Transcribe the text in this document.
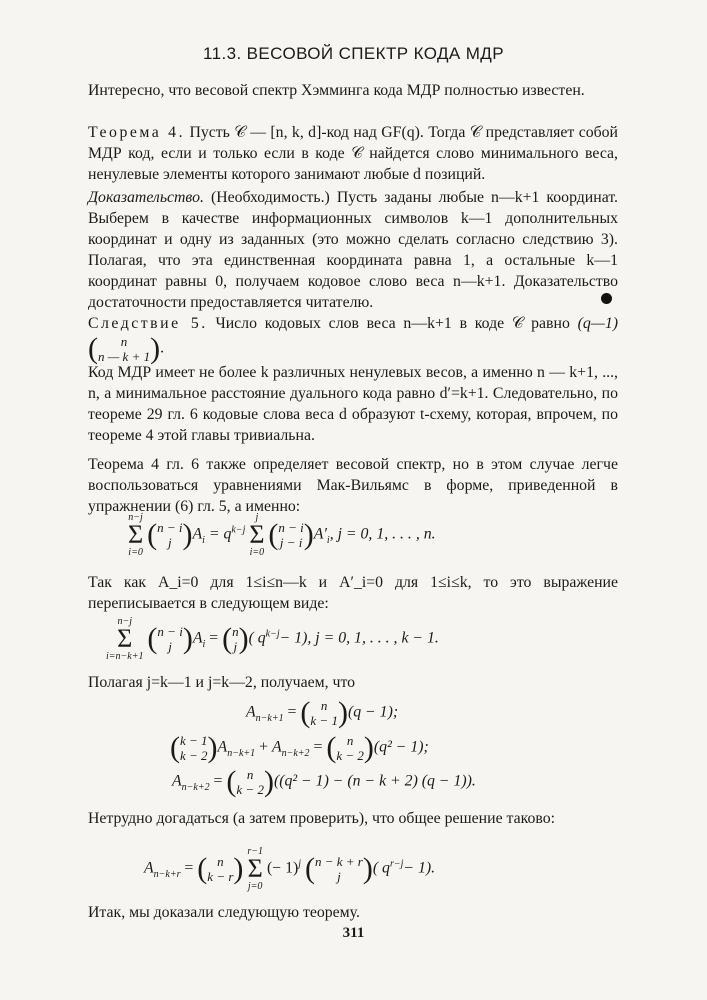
11.3. ВЕСОВОЙ СПЕКТР КОДА МДР

Интересно, что весовой спектр Хэмминга кода МДР полностью известен.

Теорема 4. Пусть 𝒞 — [n, k, d]-код над GF(q). Тогда 𝒞 представляет собой МДР код, если и только если в коде 𝒞 найдется слово минимального веса, ненулевые элементы которого занимают любые d позиций.

Доказательство. (Необходимость.) Пусть заданы любые n—k+1 координат. Выберем в качестве информационных символов k—1 дополнительных координат и одну из заданных (это можно сделать согласно следствию 3). Полагая, что эта единственная координата равна 1, а остальные k—1 координат равны 0, получаем кодовое слово веса n—k+1. Доказательство достаточности предоставляется читателю.

Следствие 5. Число кодовых слов веса n—k+1 в коде 𝒞 равно (q—1) ( n
n — k + 1).

Код МДР имеет не более k различных ненулевых весов, а именно n — k+1, ..., n, а минимальное расстояние дуального кода равно d′=k+1. Следовательно, по теореме 29 гл. 6 кодовые слова веса d образуют t-схему, которая, впрочем, по теореме 4 этой главы тривиальна.

Теорема 4 гл. 6 также определяет весовой спектр, но в этом случае легче воспользоваться уравнениями Мак-Вильямс в форме, приведенной в упражнении (6) гл. 5, а именно:

n−j
Σ
i=0 (n − i
j )$A_i = q^{k-j}$ j
Σ
i=0 (n − i
$j - i)A'_i$, j = 0, 1, . . . , n.

Так как A_i=0 для 1≤i≤n—k и A′_i=0 для 1≤i≤k, то это выражение переписывается в следующем виде:

n−j
Σ
i=n−k+1 (n − i
j )$A_i = (n$
j)( $q^{k-j}- 1$), j = 0, 1, . . . , k − 1.

Полагая j=k—1 и j=k—2, получаем, что

$A_{n-k+1}$ = ( n
k − 1)(q − 1);
(k − 1
$k - 2)A_{n-k+1} + A_{n-k+2}$ = ( n
k − 2)(q² − 1);
$A_{n-k+2}$ = ( n
k − 2)((q² − 1) − (n − k + 2) (q − 1)).

Нетрудно догадаться (а затем проверить), что общее решение таково:

$A_{n-k+r}$ = ( n
k − r) r−1
Σ
j=0 (− 1)$^j$ (n − k + r
j )( $q^{r-j}- 1$).

Итак, мы доказали следующую теорему.

311
